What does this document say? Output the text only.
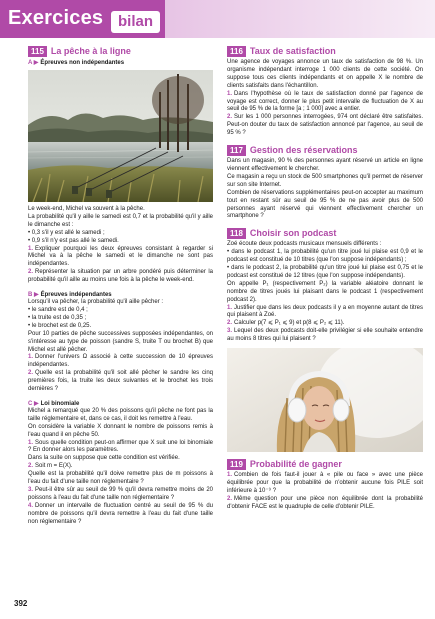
Exercices bilan
115 La pêche à la ligne
A ▶ Épreuves non indépendantes

Le week-end, Michel va souvent à la pêche.

La probabilité qu'il y aille le samedi est 0,7 et la probabilité qu'il y aille le dimanche est :

• 0,3 s'il y est allé le samedi ;

• 0,9 s'il n'y est pas allé le samedi.

1. Expliquer pourquoi les deux épreuves consistant à regarder si Michel va à la pêche le samedi et le dimanche ne sont pas indépendantes.

2. Représenter la situation par un arbre pondéré puis déterminer la probabilité qu'il aille au moins une fois à la pêche le week-end.

B ▶ Épreuves indépendantes

Lorsqu'il va pêcher, la probabilité qu'il aille pêcher :

• le sandre est de 0,4 ;

• la truite est de 0,35 ;

• le brochet est de 0,25.

Pour 10 parties de pêche successives supposées indépendantes, on s'intéresse au type de poisson (sandre S, truite T ou brochet B) que Michel est allé pêcher.

1. Donner l'univers Ω associé à cette succession de 10 épreuves indépendantes.

2. Quelle est la probabilité qu'il soit allé pêcher le sandre les cinq premières fois, la truite les deux suivantes et le brochet les trois dernières ?

C ▶ Loi binomiale

Michel a remarqué que 20 % des poissons qu'il pêche ne font pas la taille réglementaire et, dans ce cas, il doit les remettre à l'eau.

On considère la variable X donnant le nombre de poissons remis à l'eau quand il en pêche 50.

1. Sous quelle condition peut-on affirmer que X suit une loi binomiale ? En donner alors les paramètres.

Dans la suite on suppose que cette condition est vérifiée.

2. Soit m = E(X).

Quelle est la probabilité qu'il doive remettre plus de m poissons à l'eau du fait d'une taille non réglementaire ?

3. Peut-il être sûr au seuil de 99 % qu'il devra remettre moins de 20 poissons à l'eau du fait d'une taille non réglementaire ?

4. Donner un intervalle de fluctuation centré au seuil de 95 % du nombre de poissons qu'il devra remettre à l'eau du fait d'une taille non réglementaire ?

116 Taux de satisfaction

Une agence de voyages annonce un taux de satisfaction de 98 %. Un organisme indépendant interroge 1 000 clients de cette société. On suppose tous ces clients indépendants et on appelle X le nombre de clients satisfaits dans l'échantillon.

1. Dans l'hypothèse où le taux de satisfaction donné par l'agence de voyage est correct, donner le plus petit intervalle de fluctuation de X au seuil de 95 % de la forme [a ; 1 000] avec a entier.

2. Sur les 1 000 personnes interrogées, 974 ont déclaré être satisfaites. Peut-on douter du taux de satisfaction annoncé par l'agence, au seuil de 95 % ?

117 Gestion des réservations

Dans un magasin, 90 % des personnes ayant réservé un article en ligne viennent effectivement le chercher.

Ce magasin a reçu un stock de 500 smartphones qu'il permet de réserver sur son site Internet.

Combien de réservations supplémentaires peut-on accepter au maximum tout en restant sûr au seuil de 95 % de ne pas avoir plus de 500 personnes ayant réservé qui viennent effectivement chercher un smartphone ?

118 Choisir son podcast

Zoé écoute deux podcasts musicaux mensuels différents :

• dans le podcast 1, la probabilité qu'un titre joué lui plaise est 0,9 et le podcast est constitué de 10 titres (que l'on suppose indépendants) ;

• dans le podcast 2, la probabilité qu'un titre joué lui plaise est 0,75 et le podcast est constitué de 12 titres (que l'on suppose indépendants).

On appelle P₁ (respectivement P₂) la variable aléatoire donnant le nombre de titres joués lui plaisant dans le podcast 1 (respectivement podcast 2).

1. Justifier que dans les deux podcasts il y a en moyenne autant de titres qui plaisent à Zoé.

2. Calculer p(7 ⩽ P₁ ⩽ 9) et p(8 ⩽ P₂ ⩽ 11).

3. Lequel des deux podcasts doit-elle privilégier si elle souhaite entendre au moins 8 titres qui lui plaisent ?

119 Probabilité de gagner

1. Combien de fois faut-il jouer à « pile ou face » avec une pièce équilibrée pour que la probabilité de n'obtenir aucune fois PILE soit inférieure à 10⁻⁹ ?

2. Même question pour une pièce non équilibrée dont la probabilité d'obtenir FACE est le quadruple de celle d'obtenir PILE.

392
